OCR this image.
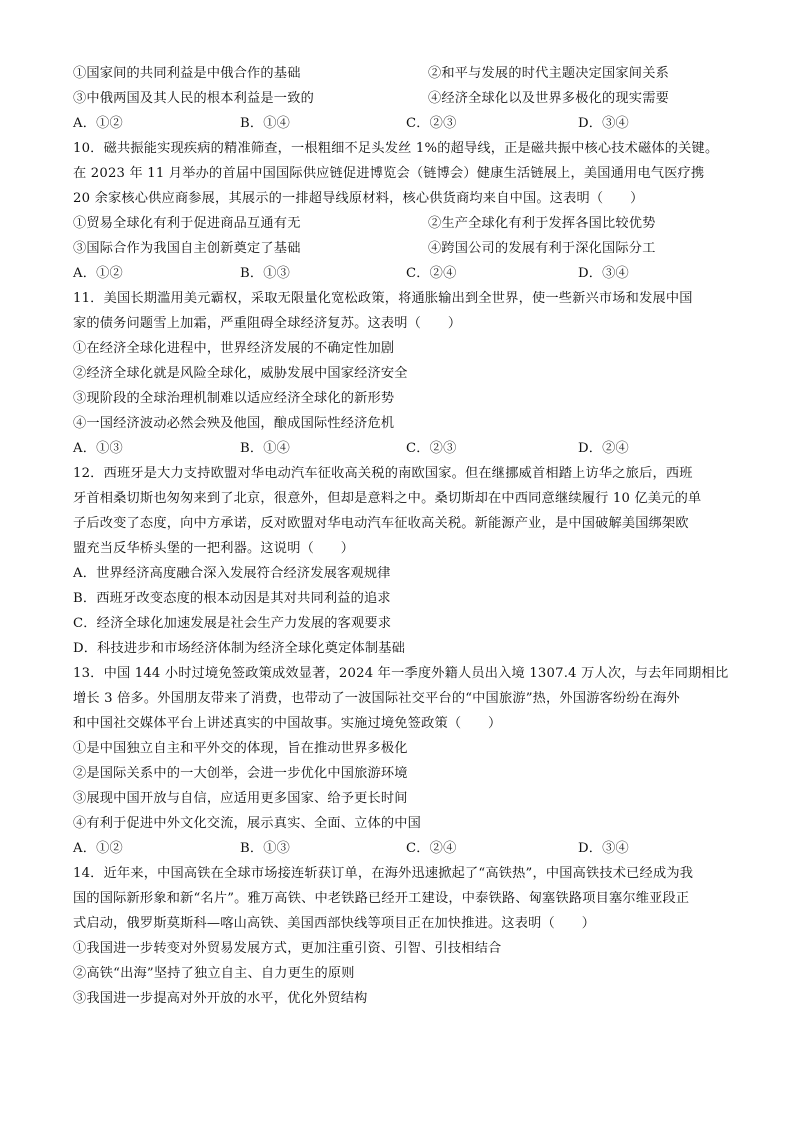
①国家间的共同利益是中俄合作的基础	②和平与发展的时代主题决定国家间关系
③中俄两国及其人民的根本利益是一致的	④经济全球化以及世界多极化的现实需要
A．①②	B．①④	C．②③	D．③④
10．磁共振能实现疾病的精准筛查，一根粗细不足头发丝 1%的超导线，正是磁共振中核心技术磁体的关键。
在 2023 年 11 月举办的首届中国国际供应链促进博览会（链博会）健康生活链展上，美国通用电气医疗携
20 余家核心供应商参展，其展示的一排超导线原材料，核心供货商均来自中国。这表明（　　）
①贸易全球化有利于促进商品互通有无	②生产全球化有利于发挥各国比较优势
③国际合作为我国自主创新奠定了基础	④跨国公司的发展有利于深化国际分工
A．①②	B．①③	C．②④	D．③④
11．美国长期滥用美元霸权，采取无限量化宽松政策，将通胀输出到全世界，使一些新兴市场和发展中国
家的债务问题雪上加霜，严重阻碍全球经济复苏。这表明（　　）
①在经济全球化进程中，世界经济发展的不确定性加剧
②经济全球化就是风险全球化，威胁发展中国家经济安全
③现阶段的全球治理机制难以适应经济全球化的新形势
④一国经济波动必然会殃及他国，酿成国际性经济危机
A．①③	B．①④	C．②③	D．②④
12．西班牙是大力支持欧盟对华电动汽车征收高关税的南欧国家。但在继挪威首相踏上访华之旅后，西班
牙首相桑切斯也匆匆来到了北京，很意外，但却是意料之中。桑切斯却在中西同意继续履行 10 亿美元的单
子后改变了态度，向中方承诺，反对欧盟对华电动汽车征收高关税。新能源产业，是中国破解美国绑架欧
盟充当反华桥头堡的一把利器。这说明（　　）
A．世界经济高度融合深入发展符合经济发展客观规律
B．西班牙改变态度的根本动因是其对共同利益的追求
C．经济全球化加速发展是社会生产力发展的客观要求
D．科技进步和市场经济体制为经济全球化奠定体制基础
13．中国 144 小时过境免签政策成效显著，2024 年一季度外籍人员出入境 1307.4 万人次，与去年同期相比
增长 3 倍多。外国朋友带来了消费，也带动了一波国际社交平台的“中国旅游”热，外国游客纷纷在海外
和中国社交媒体平台上讲述真实的中国故事。实施过境免签政策（　　）
①是中国独立自主和平外交的体现，旨在推动世界多极化
②是国际关系中的一大创举，会进一步优化中国旅游环境
③展现中国开放与自信，应适用更多国家、给予更长时间
④有利于促进中外文化交流，展示真实、全面、立体的中国
A．①②	B．①③	C．②④	D．③④
14．近年来，中国高铁在全球市场接连斩获订单，在海外迅速掀起了“高铁热”，中国高铁技术已经成为我
国的国际新形象和新“名片”。雅万高铁、中老铁路已经开工建设，中泰铁路、匈塞铁路项目塞尔维亚段正
式启动，俄罗斯莫斯科—喀山高铁、美国西部快线等项目正在加快推进。这表明（　　）
①我国进一步转变对外贸易发展方式，更加注重引资、引智、引技相结合
②高铁“出海”坚持了独立自主、自力更生的原则
③我国进一步提高对外开放的水平，优化外贸结构
